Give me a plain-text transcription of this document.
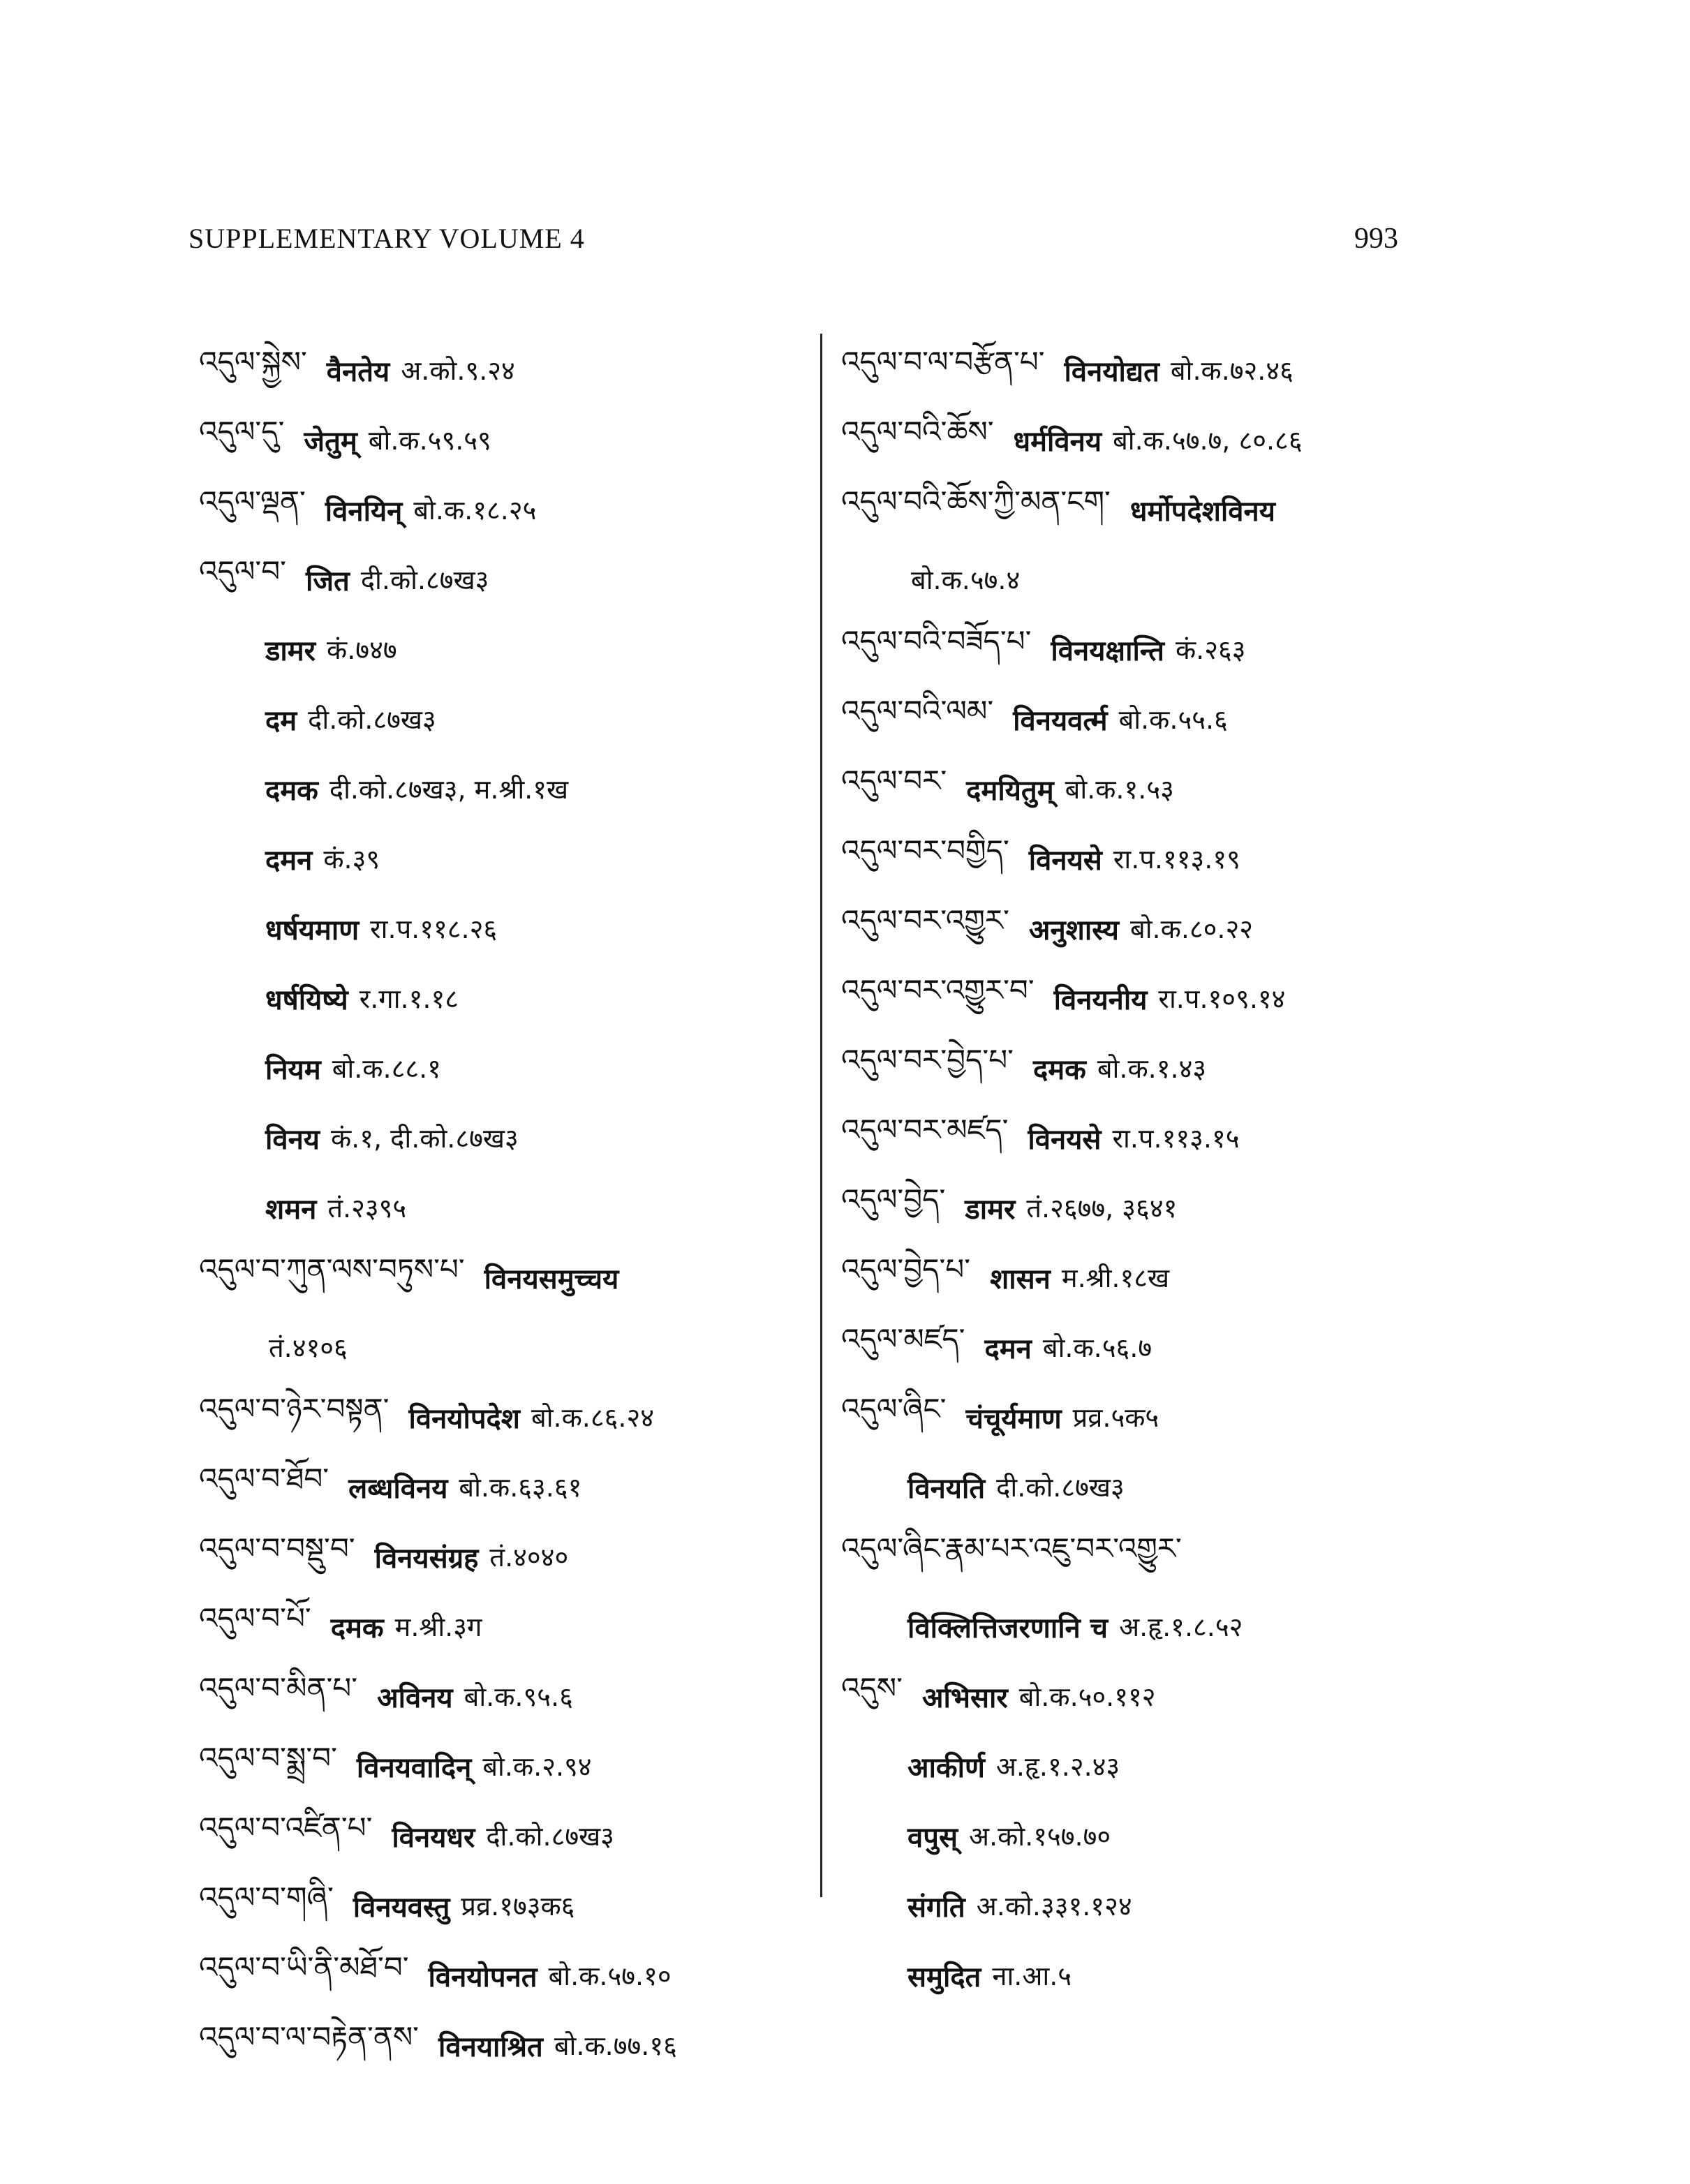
SUPPLEMENTARY VOLUME 4	993
འདུལ་སྐྱེས་ वैनतेय अ.को.९.२४
འདུལ་དུ་ जेतुम् बो.क.५९.५९
འདུལ་ལྡན་ विनयिन् बो.क.१८.२५
འདུལ་བ་ जित दी.को.८७ख३
डामर कं.७४७
दम दी.को.८७ख३
दमक दी.को.८७ख३, म.श्री.१ख
दमन कं.३९
धर्षयमाण रा.प.११८.२६
धर्षयिष्ये र.गा.१.१८
नियम बो.क.८८.१
विनय कं.१, दी.को.८७ख३
शमन तं.२३९५
འདུལ་བ་ཀུན་ལས་བཏུས་པ་ विनयसमुच्चय
तं.४१०६
འདུལ་བ་ཉེར་བསྟན་ विनयोपदेश बो.क.८६.२४
འདུལ་བ་ཐོབ་ लब्धविनय बो.क.६३.६१
འདུལ་བ་བསྡུ་བ་ विनयसंग्रह तं.४०४०
འདུལ་བ་པོ་ दमक म.श्री.३ग
འདུལ་བ་མིན་པ་ अविनय बो.क.९५.६
འདུལ་བ་སྨྲ་བ་ विनयवादिन् बो.क.२.९४
འདུལ་བ་འཛིན་པ་ विनयधर दी.को.८७ख३
འདུལ་བ་གཞི་ विनयवस्तु प्रव्र.१७३क६
འདུལ་བ་ཡི་ནི་མཐོ་བ་ विनयोपनत बो.क.५७.१०
འདུལ་བ་ལ་བརྟེན་ནས་ विनयाश्रित बो.क.७७.१६
འདུལ་བ་ལ་བརྩོན་པ་ विनयोद्यत बो.क.७२.४६
འདུལ་བའི་ཆོས་ धर्मविनय बो.क.५७.७, ८०.८६
འདུལ་བའི་ཆོས་ཀྱི་མན་ངག་ धर्मोपदेशविनय
बो.क.५७.४
འདུལ་བའི་བཟོད་པ་ विनयक्षान्ति कं.२६३
འདུལ་བའི་ལམ་ विनयवर्त्म बो.क.५५.६
འདུལ་བར་ दमयितुम् बो.क.१.५३
འདུལ་བར་བགྱིད་ विनयसे रा.प.११३.१९
འདུལ་བར་འགྱུར་ अनुशास्य बो.क.८०.२२
འདུལ་བར་འགྱུར་བ་ विनयनीय रा.प.१०९.१४
འདུལ་བར་བྱེད་པ་ दमक बो.क.१.४३
འདུལ་བར་མཛད་ विनयसे रा.प.११३.१५
འདུལ་བྱེད་ डामर तं.२६७७, ३६४१
འདུལ་བྱེད་པ་ शासन म.श्री.१८ख
འདུལ་མཛད་ दमन बो.क.५६.७
འདུལ་ཞིང་ चंचूर्यमाण प्रव्र.५क५
विनयति दी.को.८७ख३
འདུལ་ཞིང་རྣམ་པར་འཇུ་བར་འགྱུར་
विक्लित्तिजरणानि च अ.हृ.१.८.५२
འདུས་ अभिसार बो.क.५०.११२
आकीर्ण अ.हृ.१.२.४३
वपुस् अ.को.१५७.७०
संगति अ.को.३३१.१२४
समुदित ना.आ.५
